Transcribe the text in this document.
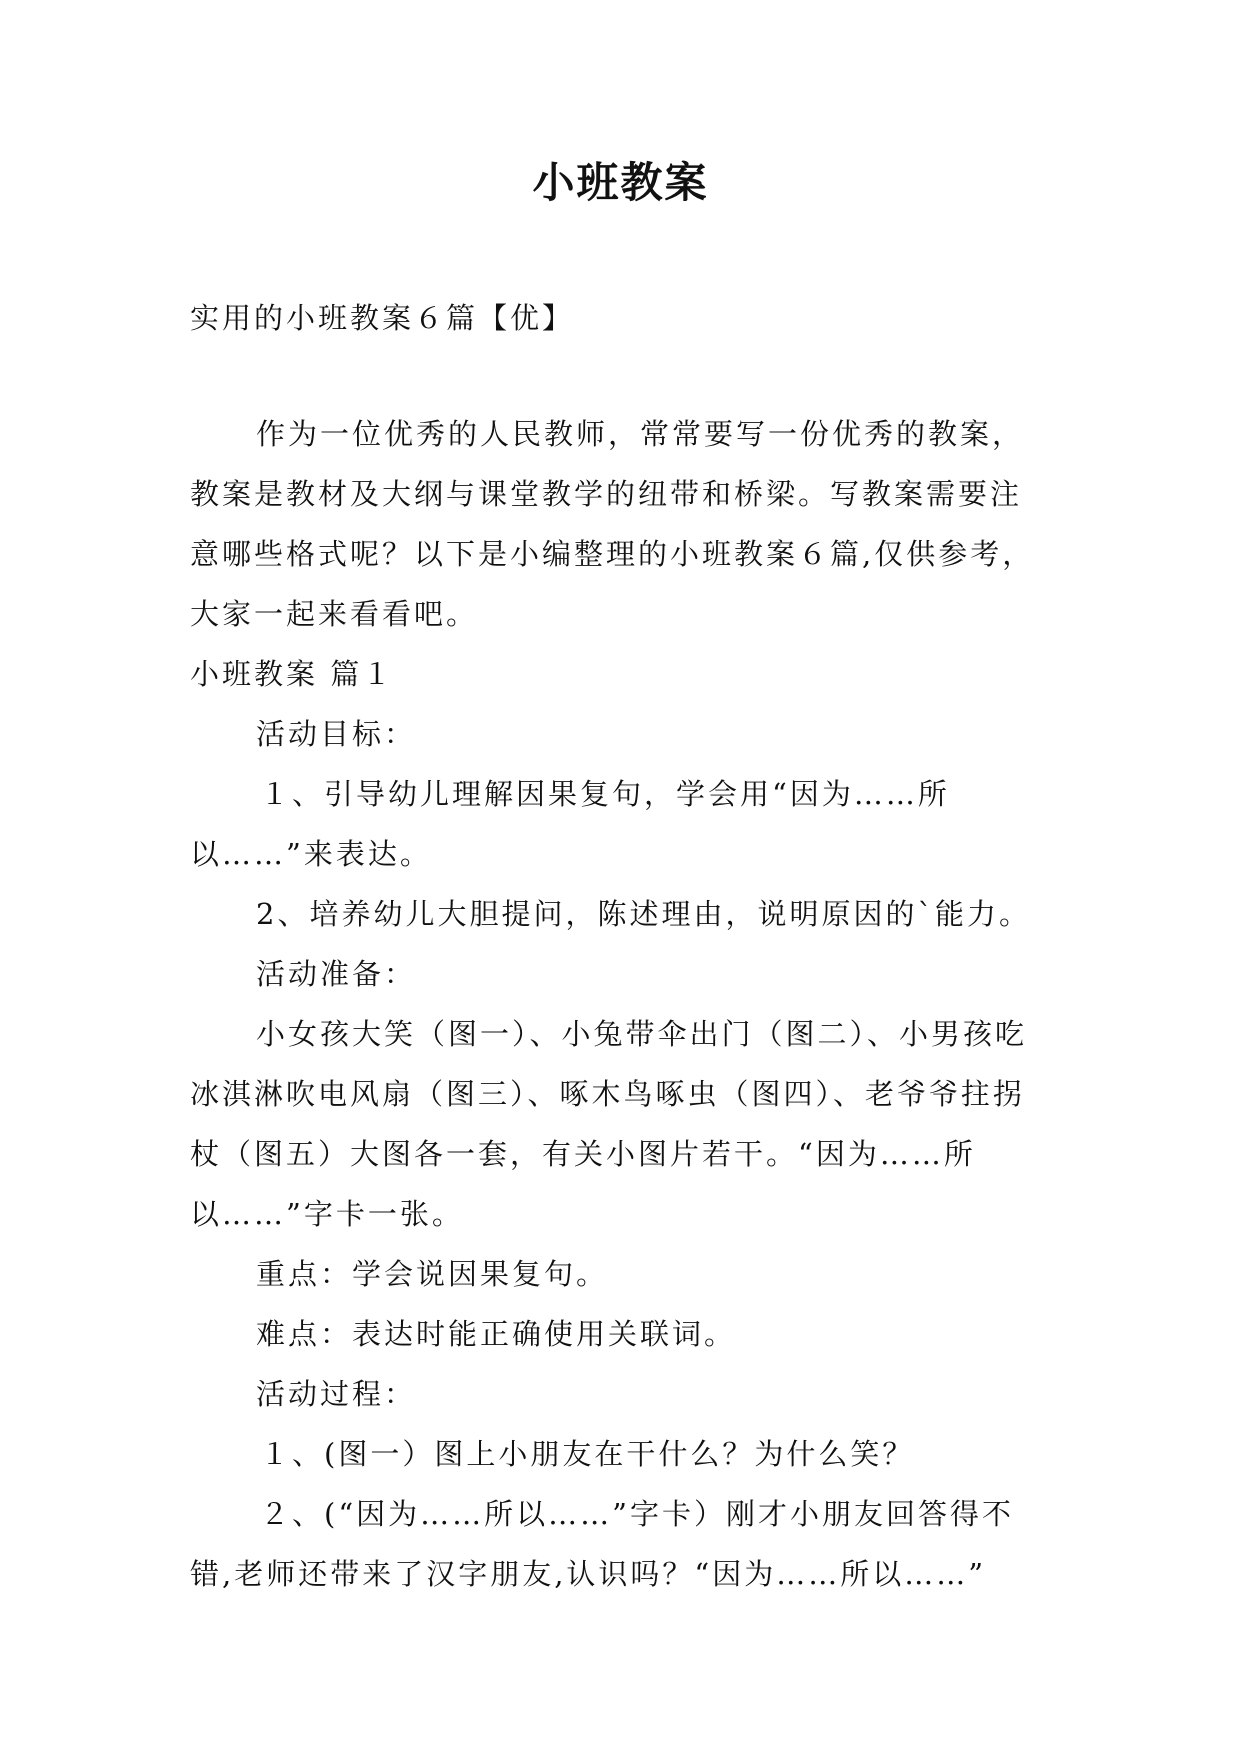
小班教案
实用的小班教案６篇【优】

作为一位优秀的人民教师，常常要写一份优秀的教案，

教案是教材及大纲与课堂教学的纽带和桥梁。写教案需要注

意哪些格式呢？以下是小编整理的小班教案６篇,仅供参考，

大家一起来看看吧。

小班教案 篇１

活动目标：

１、引导幼儿理解因果复句，学会用“因为……所

以……”来表达。

2、培养幼儿大胆提问，陈述理由，说明原因的`能力。

活动准备：

小女孩大笑（图一）、小兔带伞出门（图二）、小男孩吃

冰淇淋吹电风扇（图三）、啄木鸟啄虫（图四）、老爷爷拄拐

杖（图五）大图各一套，有关小图片若干。“因为……所

以……”字卡一张。

重点：学会说因果复句。

难点：表达时能正确使用关联词。

活动过程：

１、(图一）图上小朋友在干什么？为什么笑？

２、(“因为……所以……”字卡）刚才小朋友回答得不

错,老师还带来了汉字朋友,认识吗？“因为……所以……”
